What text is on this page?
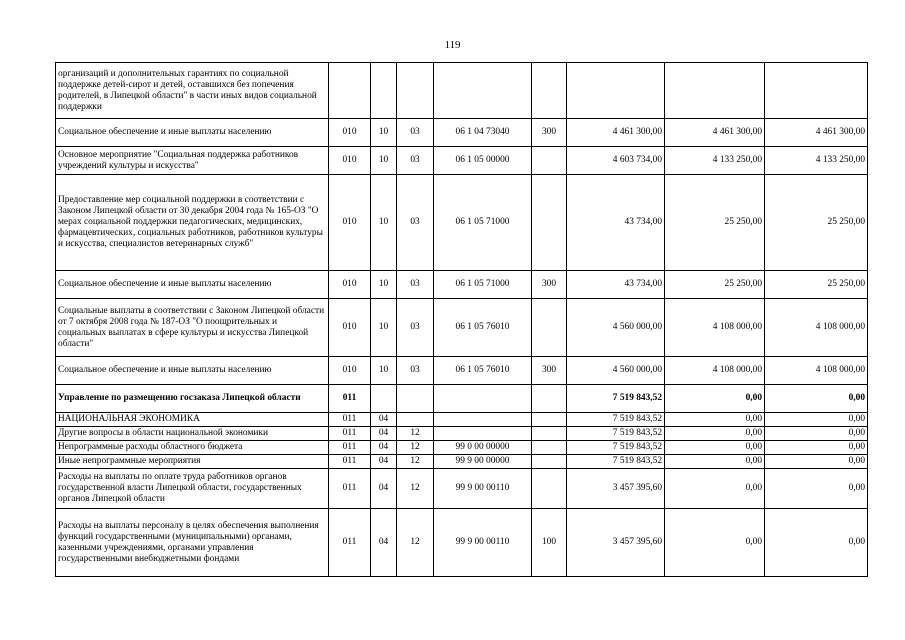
119
организаций и дополнительных гарантиях по социальной поддержке детей-сирот и детей, оставшихся без попечения родителей, в Липецкой области" в части иных видов социальной поддержки								
Социальное обеспечение и иные выплаты населению	010	10	03	06 1 04 73040	300	4 461 300,00	4 461 300,00	4 461 300,00
Основное мероприятие "Социальная поддержка работников учреждений культуры и искусства"	010	10	03	06 1 05 00000		4 603 734,00	4 133 250,00	4 133 250,00
Предоставление мер социальной поддержки в соответствии с Законом Липецкой области от 30 декабря 2004 года № 165-ОЗ "О мерах социальной поддержки педагогических, медицинских, фармацевтических, социальных работников, работников культуры и искусства, специалистов ветеринарных служб"	010	10	03	06 1 05 71000		43 734,00	25 250,00	25 250,00
Социальное обеспечение и иные выплаты населению	010	10	03	06 1 05 71000	300	43 734,00	25 250,00	25 250,00
Социальные выплаты в соответствии с Законом Липецкой области от 7 октября 2008 года № 187-ОЗ "О поощрительных и социальных выплатах в сфере культуры и искусства Липецкой области"	010	10	03	06 1 05 76010		4 560 000,00	4 108 000,00	4 108 000,00
Социальное обеспечение и иные выплаты населению	010	10	03	06 1 05 76010	300	4 560 000,00	4 108 000,00	4 108 000,00
Управление по размещению госзаказа Липецкой области	011					7 519 843,52	0,00	0,00
НАЦИОНАЛЬНАЯ ЭКОНОМИКА	011	04				7 519 843,52	0,00	0,00
Другие вопросы в области национальной экономики	011	04	12			7 519 843,52	0,00	0,00
Непрограммные расходы областного бюджета	011	04	12	99 0 00 00000		7 519 843,52	0,00	0,00
Иные непрограммные мероприятия	011	04	12	99 9 00 00000		7 519 843,52	0,00	0,00
Расходы на выплаты по оплате труда работников органов государственной власти Липецкой области, государственных органов Липецкой области	011	04	12	99 9 00 00110		3 457 395,60	0,00	0,00
Расходы на выплаты персоналу в целях обеспечения выполнения функций государственными (муниципальными) органами, казенными учреждениями, органами управления государственными внебюджетными фондами	011	04	12	99 9 00 00110	100	3 457 395,60	0,00	0,00
